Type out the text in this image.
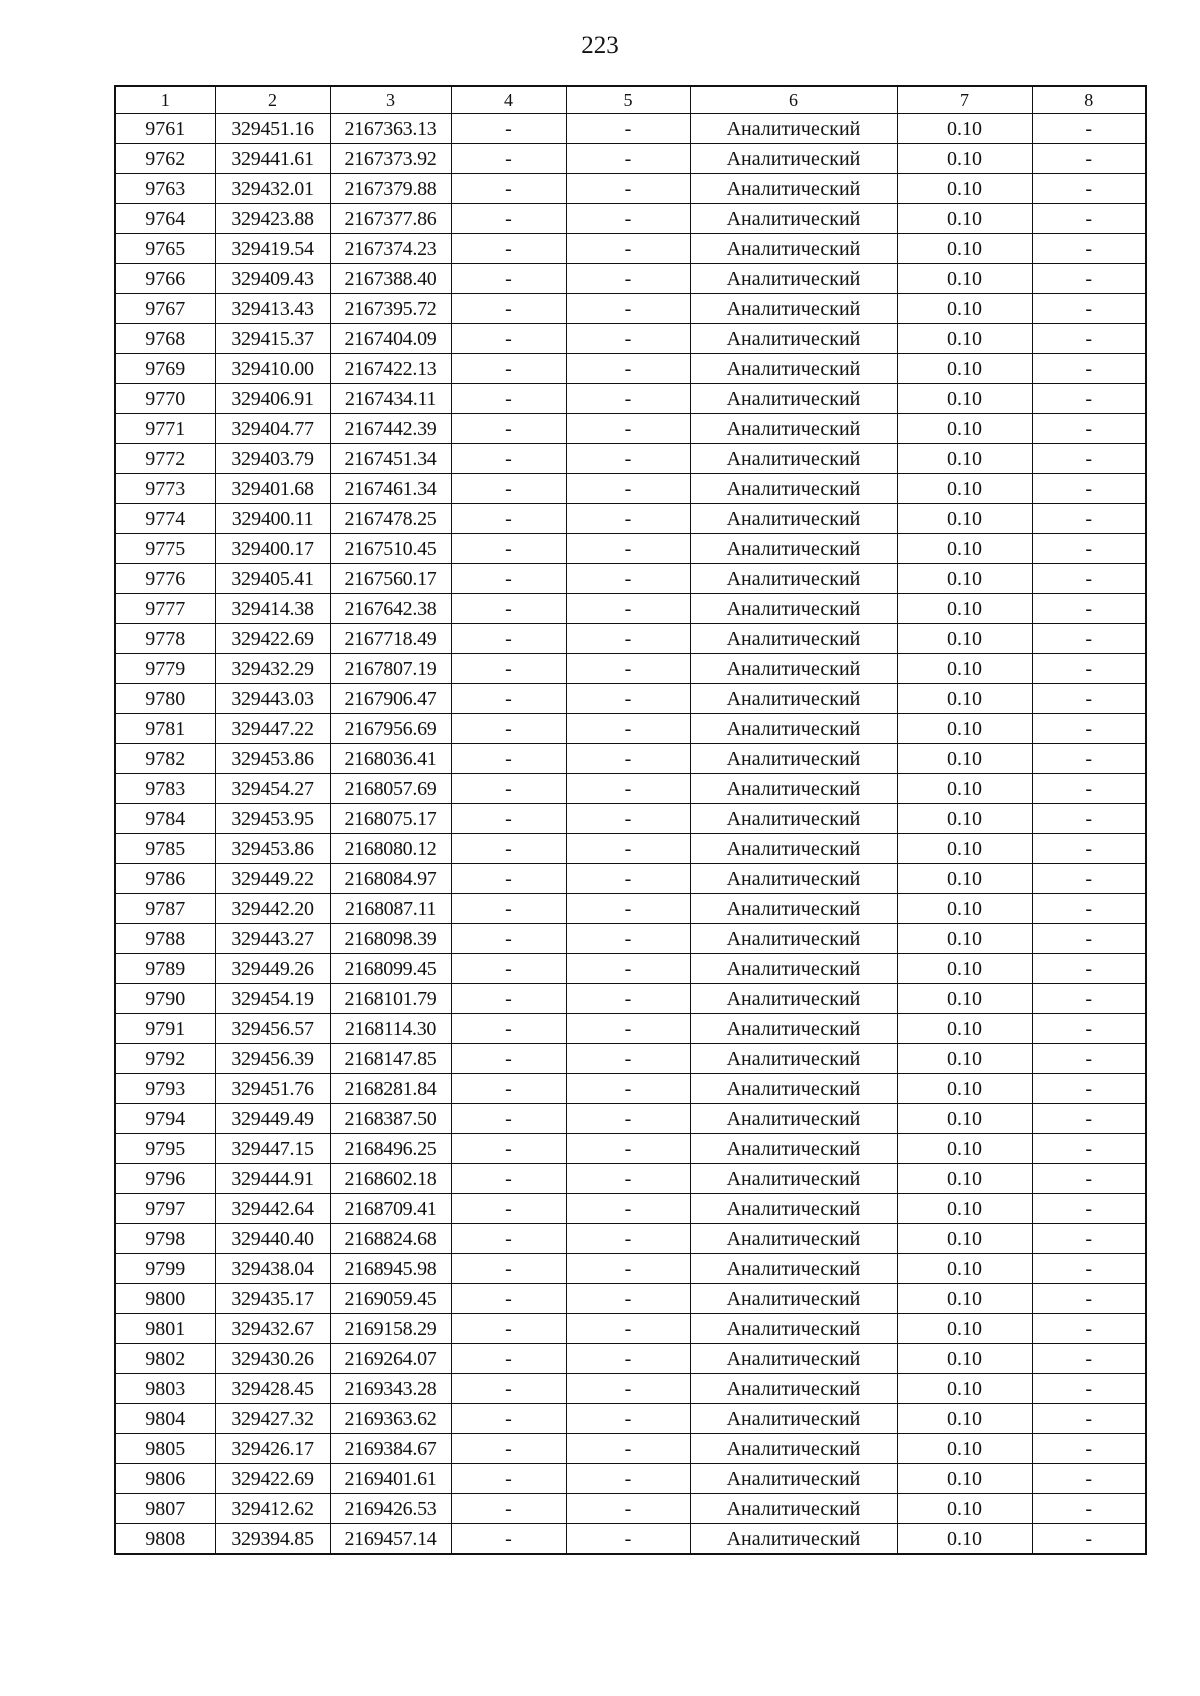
223
1	2	3	4	5	6	7	8
9761	329451.16	2167363.13	-	-	Аналитический	0.10	-
9762	329441.61	2167373.92	-	-	Аналитический	0.10	-
9763	329432.01	2167379.88	-	-	Аналитический	0.10	-
9764	329423.88	2167377.86	-	-	Аналитический	0.10	-
9765	329419.54	2167374.23	-	-	Аналитический	0.10	-
9766	329409.43	2167388.40	-	-	Аналитический	0.10	-
9767	329413.43	2167395.72	-	-	Аналитический	0.10	-
9768	329415.37	2167404.09	-	-	Аналитический	0.10	-
9769	329410.00	2167422.13	-	-	Аналитический	0.10	-
9770	329406.91	2167434.11	-	-	Аналитический	0.10	-
9771	329404.77	2167442.39	-	-	Аналитический	0.10	-
9772	329403.79	2167451.34	-	-	Аналитический	0.10	-
9773	329401.68	2167461.34	-	-	Аналитический	0.10	-
9774	329400.11	2167478.25	-	-	Аналитический	0.10	-
9775	329400.17	2167510.45	-	-	Аналитический	0.10	-
9776	329405.41	2167560.17	-	-	Аналитический	0.10	-
9777	329414.38	2167642.38	-	-	Аналитический	0.10	-
9778	329422.69	2167718.49	-	-	Аналитический	0.10	-
9779	329432.29	2167807.19	-	-	Аналитический	0.10	-
9780	329443.03	2167906.47	-	-	Аналитический	0.10	-
9781	329447.22	2167956.69	-	-	Аналитический	0.10	-
9782	329453.86	2168036.41	-	-	Аналитический	0.10	-
9783	329454.27	2168057.69	-	-	Аналитический	0.10	-
9784	329453.95	2168075.17	-	-	Аналитический	0.10	-
9785	329453.86	2168080.12	-	-	Аналитический	0.10	-
9786	329449.22	2168084.97	-	-	Аналитический	0.10	-
9787	329442.20	2168087.11	-	-	Аналитический	0.10	-
9788	329443.27	2168098.39	-	-	Аналитический	0.10	-
9789	329449.26	2168099.45	-	-	Аналитический	0.10	-
9790	329454.19	2168101.79	-	-	Аналитический	0.10	-
9791	329456.57	2168114.30	-	-	Аналитический	0.10	-
9792	329456.39	2168147.85	-	-	Аналитический	0.10	-
9793	329451.76	2168281.84	-	-	Аналитический	0.10	-
9794	329449.49	2168387.50	-	-	Аналитический	0.10	-
9795	329447.15	2168496.25	-	-	Аналитический	0.10	-
9796	329444.91	2168602.18	-	-	Аналитический	0.10	-
9797	329442.64	2168709.41	-	-	Аналитический	0.10	-
9798	329440.40	2168824.68	-	-	Аналитический	0.10	-
9799	329438.04	2168945.98	-	-	Аналитический	0.10	-
9800	329435.17	2169059.45	-	-	Аналитический	0.10	-
9801	329432.67	2169158.29	-	-	Аналитический	0.10	-
9802	329430.26	2169264.07	-	-	Аналитический	0.10	-
9803	329428.45	2169343.28	-	-	Аналитический	0.10	-
9804	329427.32	2169363.62	-	-	Аналитический	0.10	-
9805	329426.17	2169384.67	-	-	Аналитический	0.10	-
9806	329422.69	2169401.61	-	-	Аналитический	0.10	-
9807	329412.62	2169426.53	-	-	Аналитический	0.10	-
9808	329394.85	2169457.14	-	-	Аналитический	0.10	-
